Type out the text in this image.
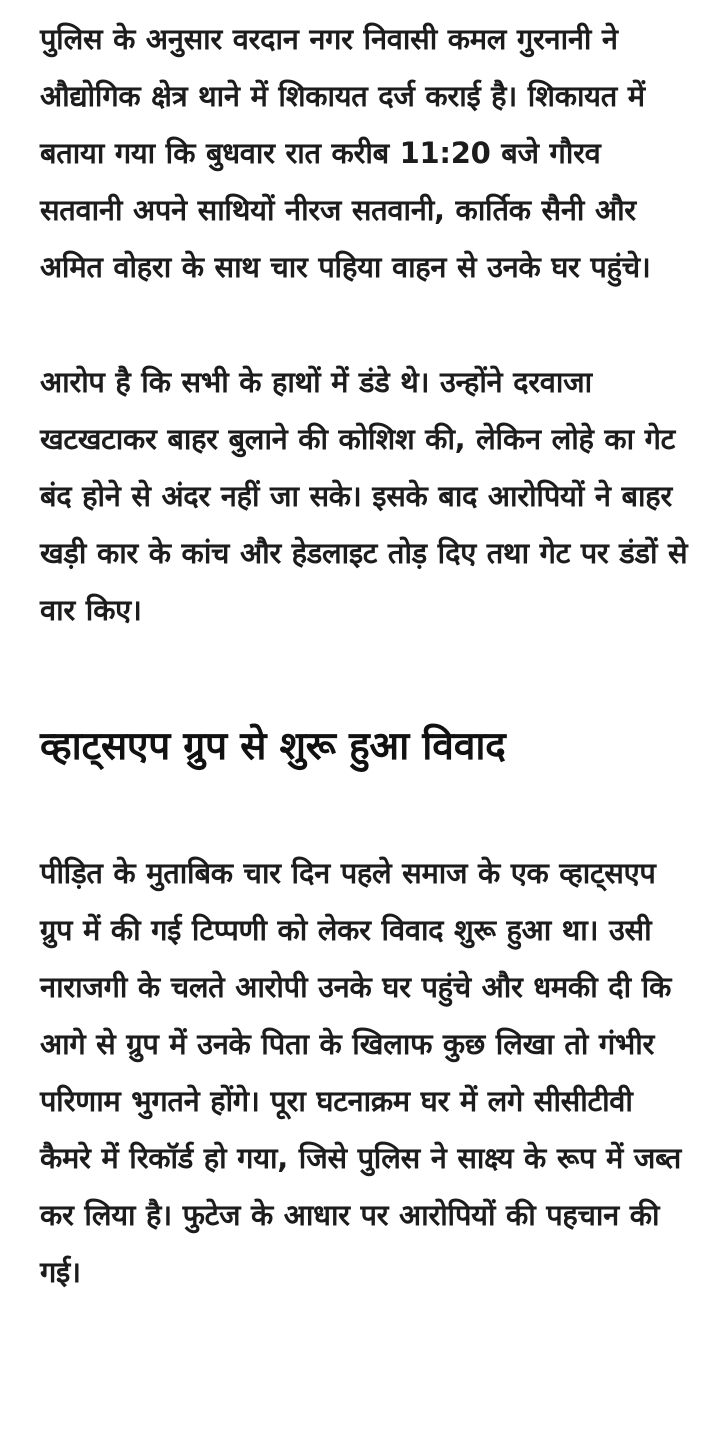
पुलिस के अनुसार वरदान नगर निवासी कमल गुरनानी ने औद्योगिक क्षेत्र थाने में शिकायत दर्ज कराई है। शिकायत में बताया गया कि बुधवार रात करीब 11:20 बजे गौरव सतवानी अपने साथियों नीरज सतवानी, कार्तिक सैनी और अमित वोहरा के साथ चार पहिया वाहन से उनके घर पहुंचे।

आरोप है कि सभी के हाथों में डंडे थे। उन्होंने दरवाजा खटखटाकर बाहर बुलाने की कोशिश की, लेकिन लोहे का गेट बंद होने से अंदर नहीं जा सके। इसके बाद आरोपियों ने बाहर खड़ी कार के कांच और हेडलाइट तोड़ दिए तथा गेट पर डंडों से वार किए।

व्हाट्सएप ग्रुप से शुरू हुआ विवाद

पीड़ित के मुताबिक चार दिन पहले समाज के एक व्हाट्सएप ग्रुप में की गई टिप्पणी को लेकर विवाद शुरू हुआ था। उसी नाराजगी के चलते आरोपी उनके घर पहुंचे और धमकी दी कि आगे से ग्रुप में उनके पिता के खिलाफ कुछ लिखा तो गंभीर परिणाम भुगतने होंगे। पूरा घटनाक्रम घर में लगे सीसीटीवी कैमरे में रिकॉर्ड हो गया, जिसे पुलिस ने साक्ष्य के रूप में जब्त कर लिया है। फुटेज के आधार पर आरोपियों की पहचान की गई।
